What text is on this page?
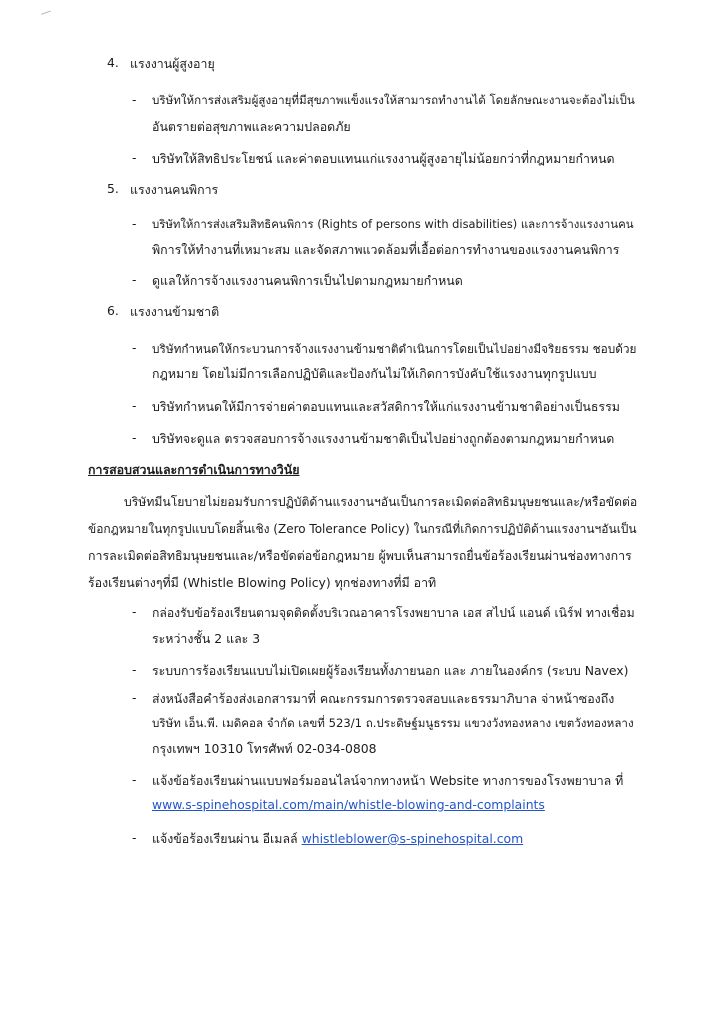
4. แรงงานผู้สูงอายุ
- บริษัทให้การส่งเสริมผู้สูงอายุที่มีสุขภาพแข็งแรงให้สามารถทำงานได้ โดยลักษณะงานจะต้องไม่เป็น
อันตรายต่อสุขภาพและความปลอดภัย
- บริษัทให้สิทธิประโยชน์ และค่าตอบแทนแก่แรงงานผู้สูงอายุไม่น้อยกว่าที่กฎหมายกำหนด
5. แรงงานคนพิการ
- บริษัทให้การส่งเสริมสิทธิคนพิการ (Rights of persons with disabilities) และการจ้างแรงงานคน
พิการให้ทำงานที่เหมาะสม และจัดสภาพแวดล้อมที่เอื้อต่อการทำงานของแรงงานคนพิการ
- ดูแลให้การจ้างแรงงานคนพิการเป็นไปตามกฎหมายกำหนด
6. แรงงานข้ามชาติ
- บริษัทกำหนดให้กระบวนการจ้างแรงงานข้ามชาติดำเนินการโดยเป็นไปอย่างมีจริยธรรม ชอบด้วย
กฎหมาย โดยไม่มีการเลือกปฏิบัติและป้องกันไม่ให้เกิดการบังคับใช้แรงงานทุกรูปแบบ
- บริษัทกำหนดให้มีการจ่ายค่าตอบแทนและสวัสดิการให้แก่แรงงานข้ามชาติอย่างเป็นธรรม
- บริษัทจะดูแล ตรวจสอบการจ้างแรงงานข้ามชาติเป็นไปอย่างถูกต้องตามกฎหมายกำหนด
การสอบสวนและการดำเนินการทางวินัย
บริษัทมีนโยบายไม่ยอมรับการปฏิบัติด้านแรงงานฯอันเป็นการละเมิดต่อสิทธิมนุษยชนและ/หรือขัดต่อ
ข้อกฎหมายในทุกรูปแบบโดยสิ้นเชิง (Zero Tolerance Policy) ในกรณีที่เกิดการปฏิบัติด้านแรงงานฯอันเป็น
การละเมิดต่อสิทธิมนุษยชนและ/หรือขัดต่อข้อกฎหมาย ผู้พบเห็นสามารถยื่นข้อร้องเรียนผ่านช่องทางการ
ร้องเรียนต่างๆที่มี (Whistle Blowing Policy) ทุกช่องทางที่มี อาทิ
- กล่องรับข้อร้องเรียนตามจุดติดตั้งบริเวณอาคารโรงพยาบาล เอส สไปน์ แอนด์ เนิร์ฟ ทางเชื่อม
ระหว่างชั้น 2 และ 3
- ระบบการร้องเรียนแบบไม่เปิดเผยผู้ร้องเรียนทั้งภายนอก และ ภายในองค์กร (ระบบ Navex)
- ส่งหนังสือคำร้องส่งเอกสารมาที่ คณะกรรมการตรวจสอบและธรรมาภิบาล จ่าหน้าซองถึง
บริษัท เอ็น.พี. เมดิคอล จำกัด เลขที่ 523/1 ถ.ประดิษฐ์มนูธรรม แขวงวังทองหลาง เขตวังทองหลาง
กรุงเทพฯ 10310 โทรศัพท์ 02-034-0808
- แจ้งข้อร้องเรียนผ่านแบบฟอร์มออนไลน์จากทางหน้า Website ทางการของโรงพยาบาล ที่
www.s-spinehospital.com/main/whistle-blowing-and-complaints
- แจ้งข้อร้องเรียนผ่าน อีเมลล์ whistleblower@s-spinehospital.com
